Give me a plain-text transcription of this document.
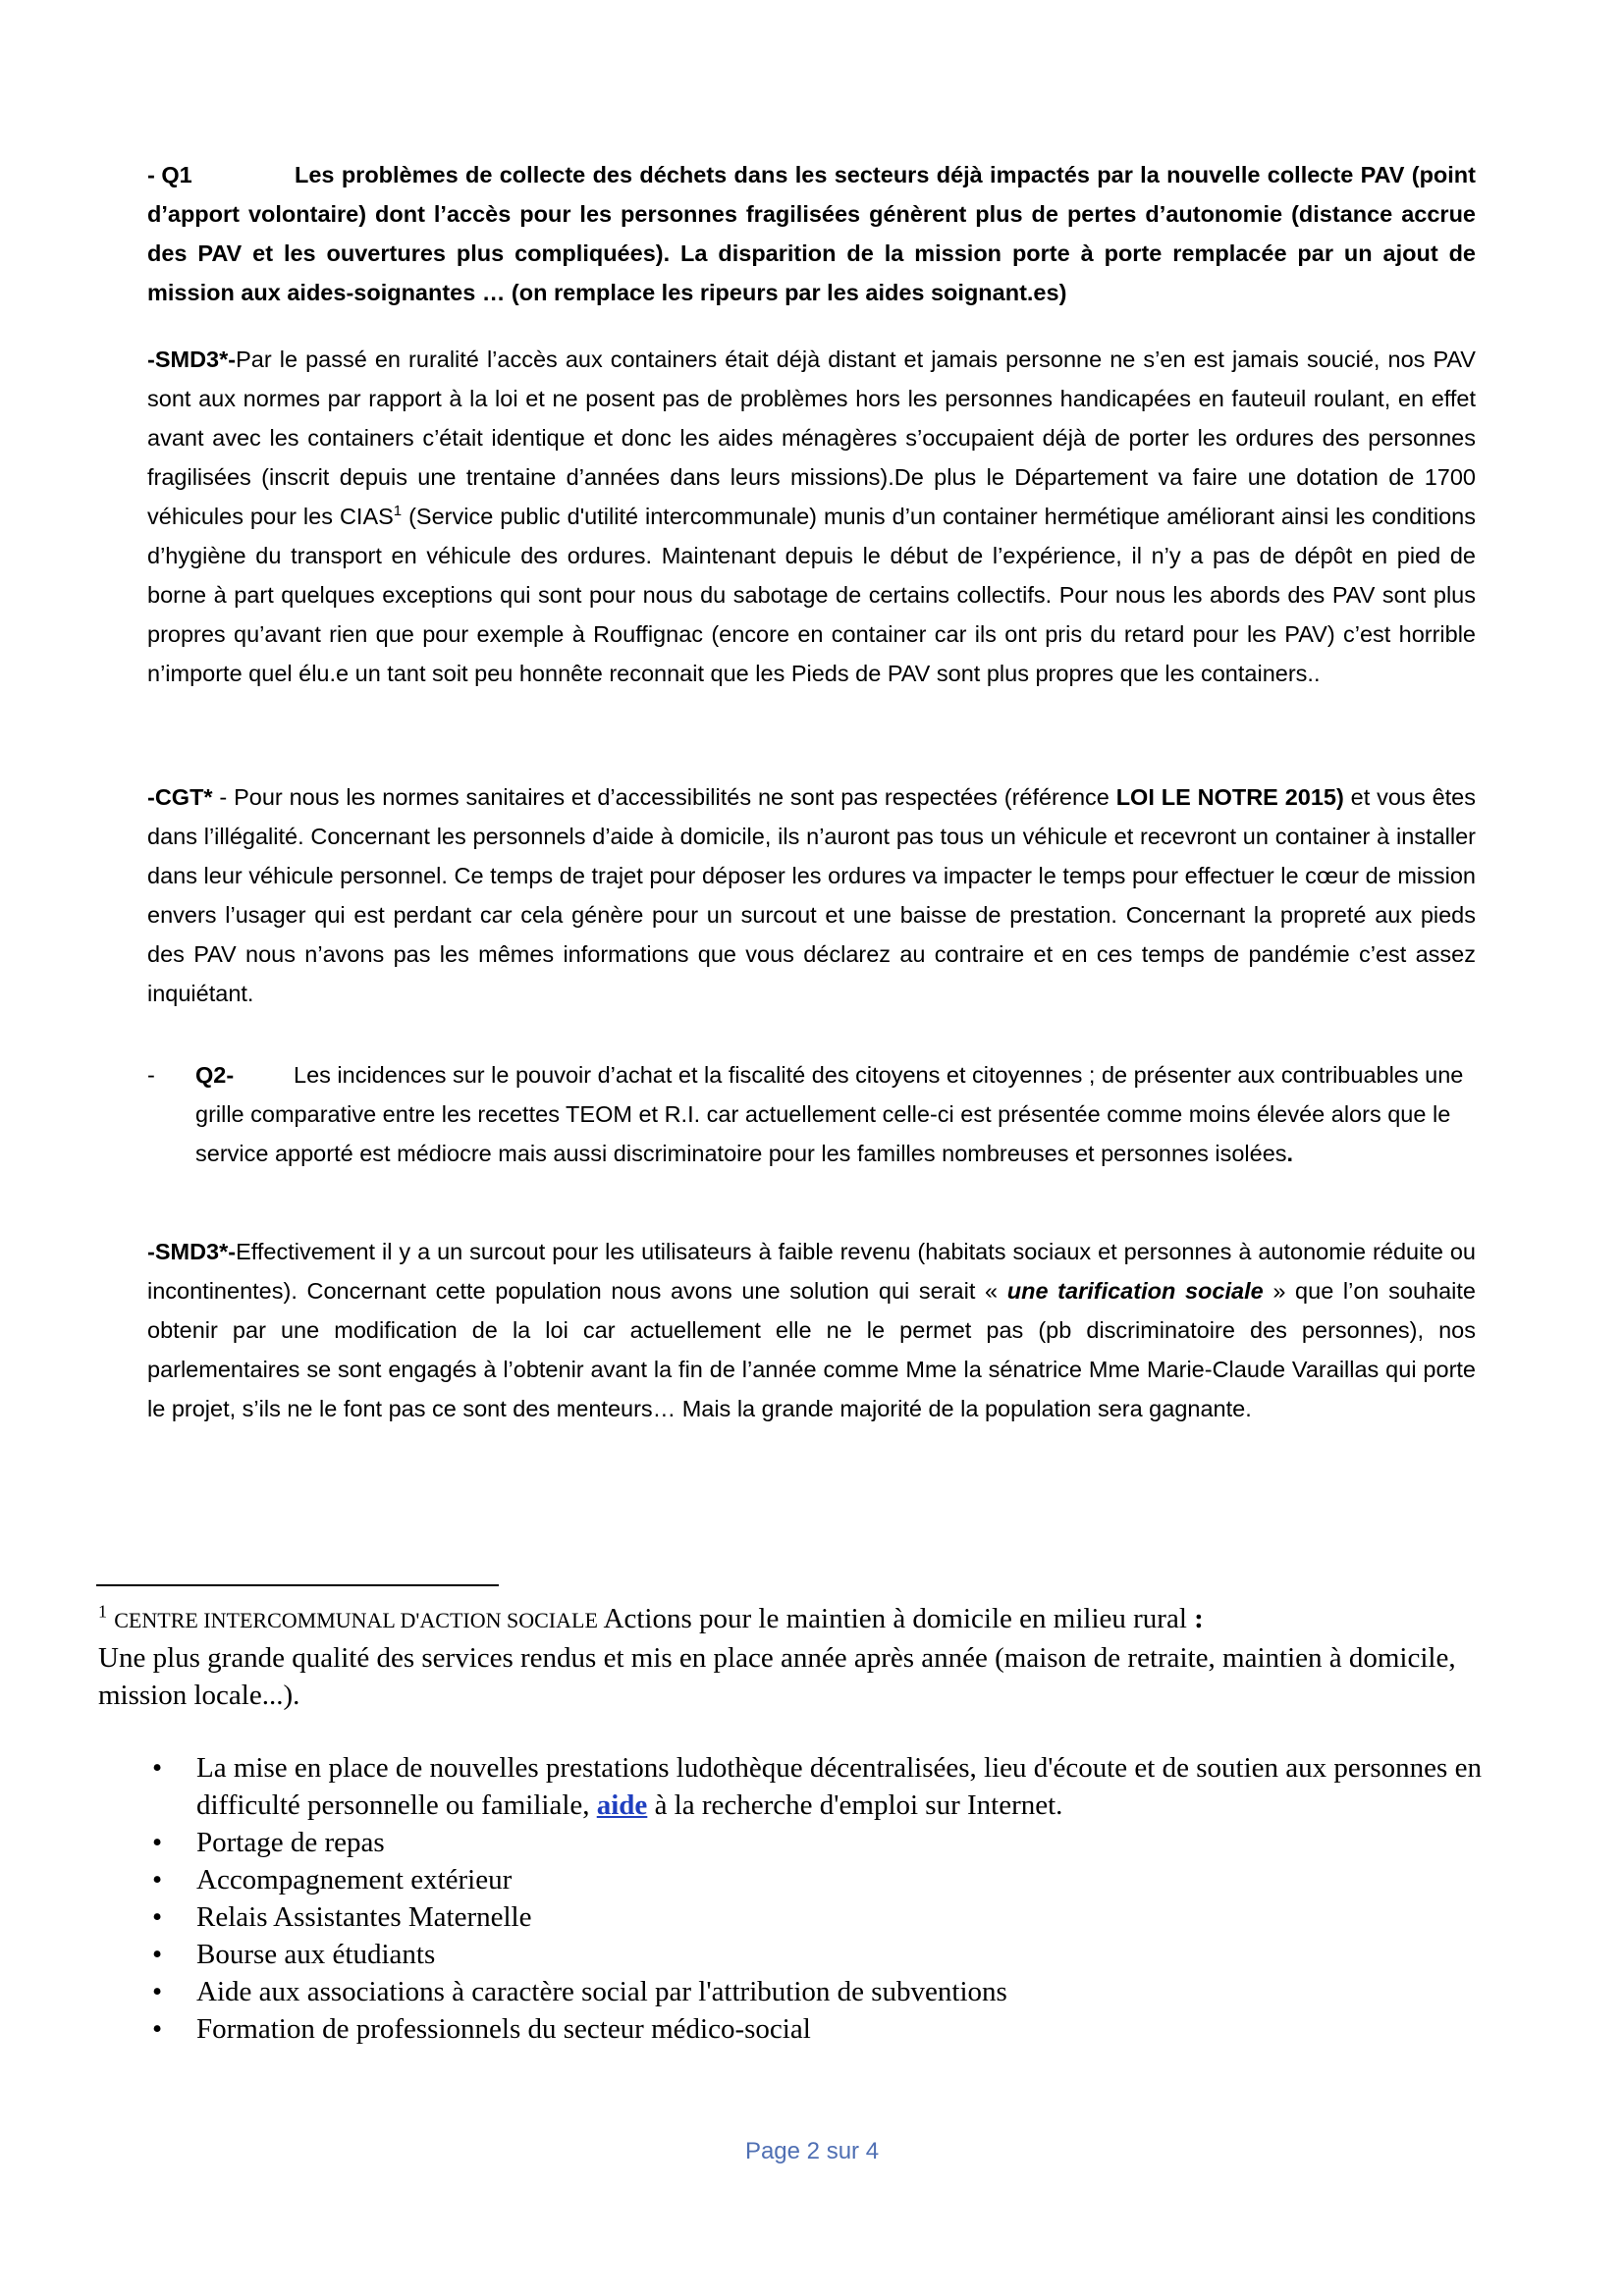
- Q1	Les problèmes de collecte des déchets dans les secteurs déjà impactés par la nouvelle collecte PAV (point d’apport volontaire) dont l’accès pour les personnes fragilisées génèrent plus de pertes d’autonomie (distance accrue des PAV et les ouvertures plus compliquées). La disparition de la mission porte à porte remplacée par un ajout de mission aux aides-soignantes … (on remplace les ripeurs par les aides soignant.es)

-SMD3*-Par le passé en ruralité l’accès aux containers était déjà distant et jamais personne ne s’en est jamais soucié, nos PAV sont aux normes par rapport à la loi et ne posent pas de problèmes hors les personnes handicapées en fauteuil roulant, en effet avant avec les containers c’était identique et donc les aides ménagères s’occupaient déjà de porter les ordures des personnes fragilisées (inscrit depuis une trentaine d’années dans leurs missions).De plus le Département va faire une dotation de 1700 véhicules pour les CIAS$^1$ (Service public d'utilité intercommunale) munis d’un container hermétique améliorant ainsi les conditions d’hygiène du transport en véhicule des ordures. Maintenant depuis le début de l’expérience, il n’y a pas de dépôt en pied de borne à part quelques exceptions qui sont pour nous du sabotage de certains collectifs. Pour nous les abords des PAV sont plus propres qu’avant rien que pour exemple à Rouffignac (encore en container car ils ont pris du retard pour les PAV) c’est horrible n’importe quel élu.e un tant soit peu honnête reconnait que les Pieds de PAV sont plus propres que les containers..

-CGT* - Pour nous les normes sanitaires et d’accessibilités ne sont pas respectées (référence LOI LE NOTRE 2015) et vous êtes dans l’illégalité. Concernant les personnels d’aide à domicile, ils n’auront pas tous un véhicule et recevront un container à installer dans leur véhicule personnel. Ce temps de trajet pour déposer les ordures va impacter le temps pour effectuer le cœur de mission envers l’usager qui est perdant car cela génère pour un surcout et une baisse de prestation. Concernant la propreté aux pieds des PAV nous n’avons pas les mêmes informations que vous déclarez au contraire et en ces temps de pandémie c’est assez inquiétant.

-	Q2-	Les incidences sur le pouvoir d’achat et la fiscalité des citoyens et citoyennes ; de présenter aux contribuables une grille comparative entre les recettes TEOM et R.I. car actuellement celle-ci est présentée comme moins élevée alors que le service apporté est médiocre mais aussi discriminatoire pour les familles nombreuses et personnes isolées.

-SMD3*-Effectivement il y a un surcout pour les utilisateurs à faible revenu (habitats sociaux et personnes à autonomie réduite ou incontinentes). Concernant cette population nous avons une solution qui serait « une tarification sociale » que l’on souhaite obtenir par une modification de la loi car actuellement elle ne le permet pas (pb discriminatoire des personnes), nos parlementaires se sont engagés à l’obtenir avant la fin de l’année comme Mme la sénatrice Mme Marie-Claude Varaillas qui porte le projet, s’ils ne le font pas ce sont des menteurs… Mais la grande majorité de la population sera gagnante.

$^1$ CENTRE INTERCOMMUNAL D'ACTION SOCIALE Actions pour le maintien à domicile en milieu rural :
Une plus grande qualité des services rendus et mis en place année après année (maison de retraite, maintien à domicile, mission locale...).

• La mise en place de nouvelles prestations ludothèque décentralisées, lieu d'écoute et de soutien aux personnes en difficulté personnelle ou familiale, aide à la recherche d'emploi sur Internet.
• Portage de repas
• Accompagnement extérieur
• Relais Assistantes Maternelle
• Bourse aux étudiants
• Aide aux associations à caractère social par l'attribution de subventions
• Formation de professionnels du secteur médico-social
Page 2 sur 4
